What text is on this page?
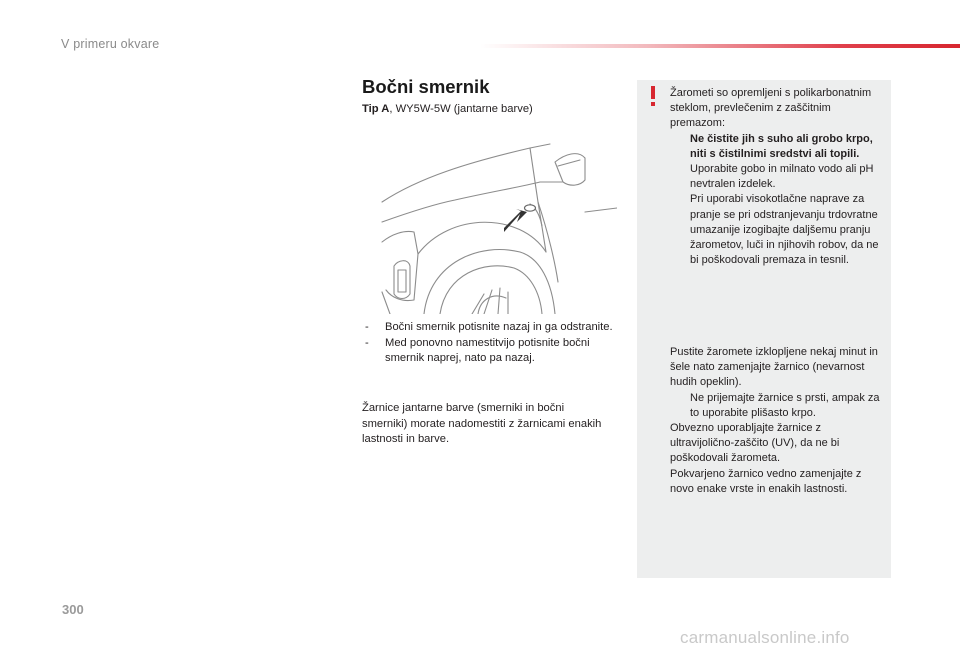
V primeru okvare
Bočni smernik
Tip A, WY5W-5W (jantarne barve)
- Bočni smernik potisnite nazaj in ga odstranite.
- Med ponovno namestitvijo potisnite bočni smernik naprej, nato pa nazaj.
Žarnice jantarne barve (smerniki in bočni smerniki) morate nadomestiti z žarnicami enakih lastnosti in barve.
Žarometi so opremljeni s polikarbonatnim steklom, prevlečenim z zaščitnim premazom:
Ne čistite jih s suho ali grobo krpo, niti s čistilnimi sredstvi ali topili.
Uporabite gobo in milnato vodo ali pH nevtralen izdelek.
Pri uporabi visokotlačne naprave za pranje se pri odstranjevanju trdovratne umazanije izogibajte daljšemu pranju žarometov, luči in njihovih robov, da ne bi poškodovali premaza in tesnil.
Pustite žaromete izklopljene nekaj minut in šele nato zamenjajte žarnico (nevarnost hudih opeklin).
Ne prijemajte žarnice s prsti, ampak za to uporabite plišasto krpo.
Obvezno uporabljajte žarnice z ultravijolično-zaščito (UV), da ne bi poškodovali žarometa.
Pokvarjeno žarnico vedno zamenjajte z novo enake vrste in enakih lastnosti.
300
carmanualsonline.info
